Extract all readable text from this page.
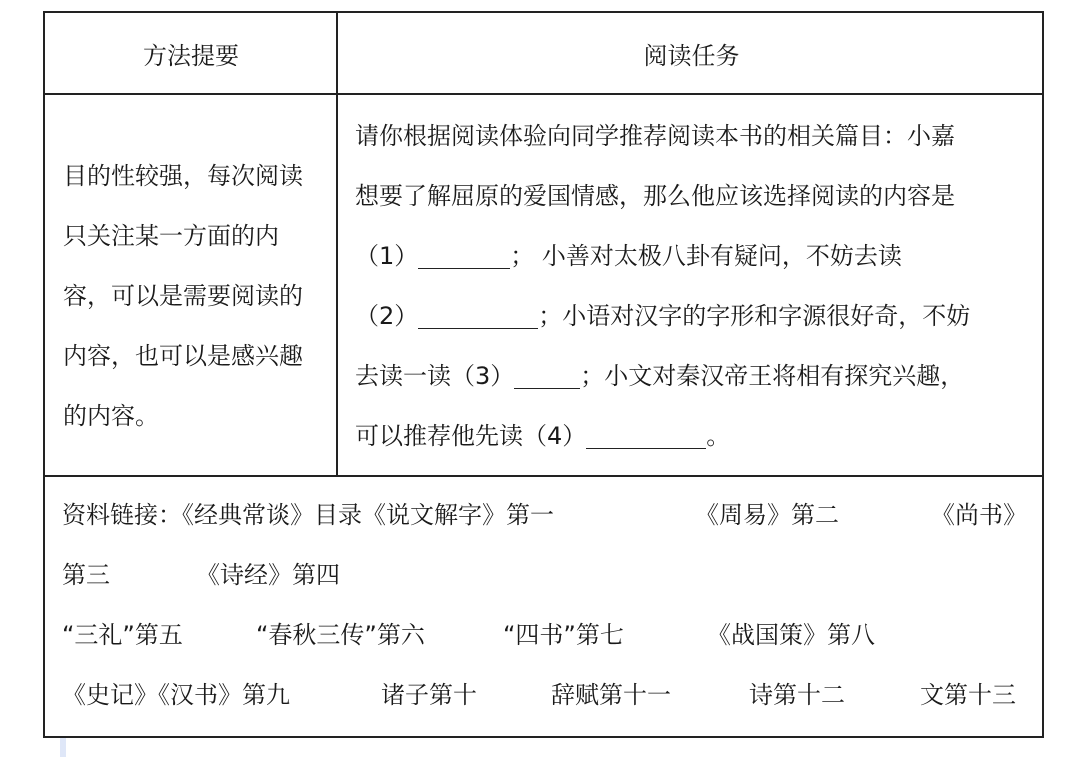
方法提要	阅读任务
目的性较强，每次阅读
只关注某一方面的内
容，可以是需要阅读的
内容，也可以是感兴趣
的内容。
请你根据阅读体验向同学推荐阅读本书的相关篇目：小嘉
想要了解屈原的爱国情感，那么他应该选择阅读的内容是
（1）	； 小善对太极八卦有疑问，不妨去读
（2）	；小语对汉字的字形和字源很好奇，不妨
去读一读（3）	；小文对秦汉帝王将相有探究兴趣，
可以推荐他先读（4）	。
资料链接：《经典常谈》目录《说文解字》第一	《周易》第二	《尚书》
第三	《诗经》第四
“三礼”第五	“春秋三传”第六	“四书”第七	《战国策》第八
《史记》《汉书》第九	诸子第十	辞赋第十一	诗第十二	文第十三
